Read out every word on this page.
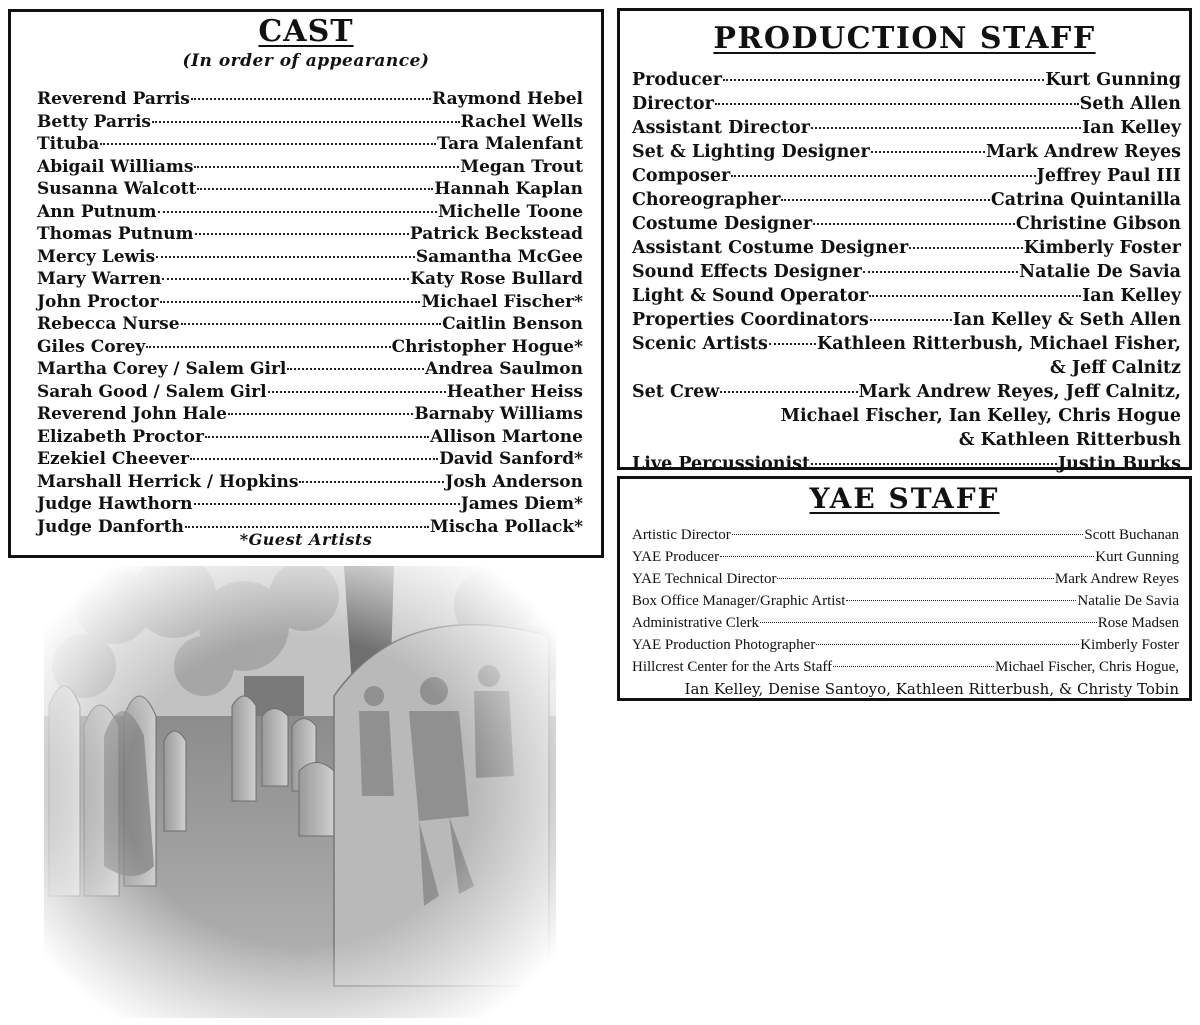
CAST
(In order of appearance)
Reverend Parris	Raymond Hebel
Betty Parris	Rachel Wells
Tituba	Tara Malenfant
Abigail Williams	Megan Trout
Susanna Walcott	Hannah Kaplan
Ann Putnum	Michelle Toone
Thomas Putnum	Patrick Beckstead
Mercy Lewis	Samantha McGee
Mary Warren	Katy Rose Bullard
John Proctor	Michael Fischer*
Rebecca Nurse	Caitlin Benson
Giles Corey	Christopher Hogue*
Martha Corey / Salem Girl	Andrea Saulmon
Sarah Good / Salem Girl	Heather Heiss
Reverend John Hale	Barnaby Williams
Elizabeth Proctor	Allison Martone
Ezekiel Cheever	David Sanford*
Marshall Herrick / Hopkins	Josh Anderson
Judge Hawthorn	James Diem*
Judge Danforth	Mischa Pollack*
*Guest Artists
PRODUCTION STAFF
Producer	Kurt Gunning
Director	Seth Allen
Assistant Director	Ian Kelley
Set & Lighting Designer	Mark Andrew Reyes
Composer	Jeffrey Paul III
Choreographer	Catrina Quintanilla
Costume Designer	Christine Gibson
Assistant Costume Designer	Kimberly Foster
Sound Effects Designer	Natalie De Savia
Light & Sound Operator	Ian Kelley
Properties Coordinators	Ian Kelley & Seth Allen
Scenic Artists	Kathleen Ritterbush, Michael Fisher,
& Jeff Calnitz
Set Crew	Mark Andrew Reyes, Jeff Calnitz,
Michael Fischer, Ian Kelley, Chris Hogue
& Kathleen Ritterbush
Live Percussionist	Justin Burks
YAE STAFF
Artistic Director	Scott Buchanan
YAE Producer	Kurt Gunning
YAE Technical Director	Mark Andrew Reyes
Box Office Manager/Graphic Artist	Natalie De Savia
Administrative Clerk	Rose Madsen
YAE Production Photographer	Kimberly Foster
Hillcrest Center for the Arts Staff	Michael Fischer, Chris Hogue,
Ian Kelley, Denise Santoyo, Kathleen Ritterbush, & Christy Tobin
